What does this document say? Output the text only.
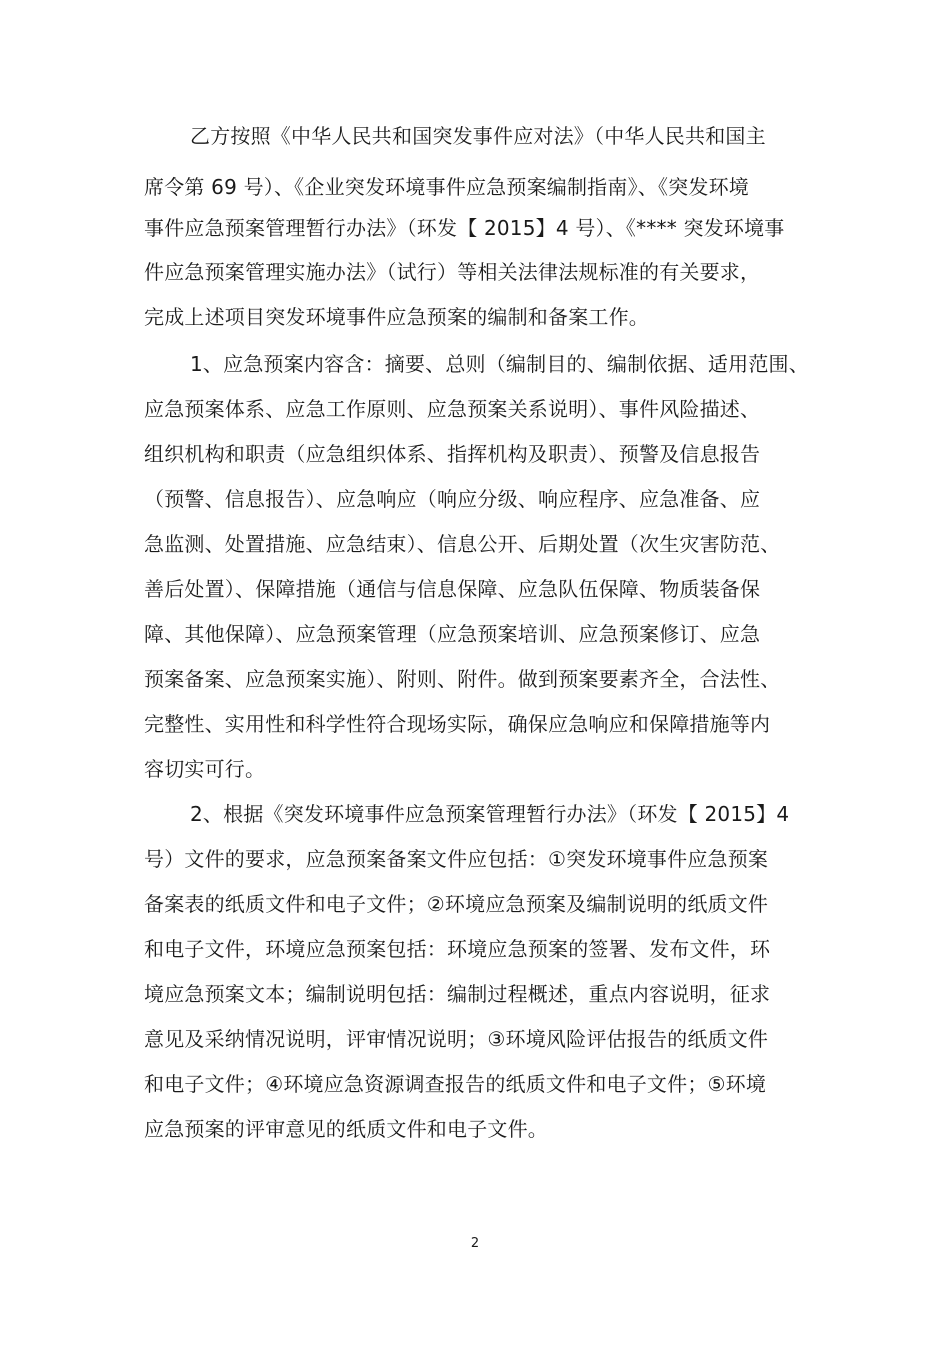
乙方按照《中华人民共和国突发事件应对法》（中华人民共和国主
席令第 69 号）、《企业突发环境事件应急预案编制指南》、《突发环境
事件应急预案管理暂行办法》（环发【 2015】4 号）、《**** 突发环境事
件应急预案管理实施办法》（试行）等相关法律法规标准的有关要求，
完成上述项目突发环境事件应急预案的编制和备案工作。
1、应急预案内容含：摘要、总则（编制目的、编制依据、适用范围、
应急预案体系、应急工作原则、应急预案关系说明）、事件风险描述、
组织机构和职责（应急组织体系、指挥机构及职责）、预警及信息报告
（预警、信息报告）、应急响应（响应分级、响应程序、应急准备、应
急监测、处置措施、应急结束）、信息公开、后期处置（次生灾害防范、
善后处置）、保障措施（通信与信息保障、应急队伍保障、物质装备保
障、其他保障）、应急预案管理（应急预案培训、应急预案修订、应急
预案备案、应急预案实施）、附则、附件。做到预案要素齐全，合法性、
完整性、实用性和科学性符合现场实际，确保应急响应和保障措施等内
容切实可行。
2、根据《突发环境事件应急预案管理暂行办法》（环发【 2015】4
号）文件的要求，应急预案备案文件应包括：①突发环境事件应急预案
备案表的纸质文件和电子文件；②环境应急预案及编制说明的纸质文件
和电子文件，环境应急预案包括：环境应急预案的签署、发布文件，环
境应急预案文本；编制说明包括：编制过程概述，重点内容说明，征求
意见及采纳情况说明，评审情况说明；③环境风险评估报告的纸质文件
和电子文件；④环境应急资源调查报告的纸质文件和电子文件；⑤环境
应急预案的评审意见的纸质文件和电子文件。
2
